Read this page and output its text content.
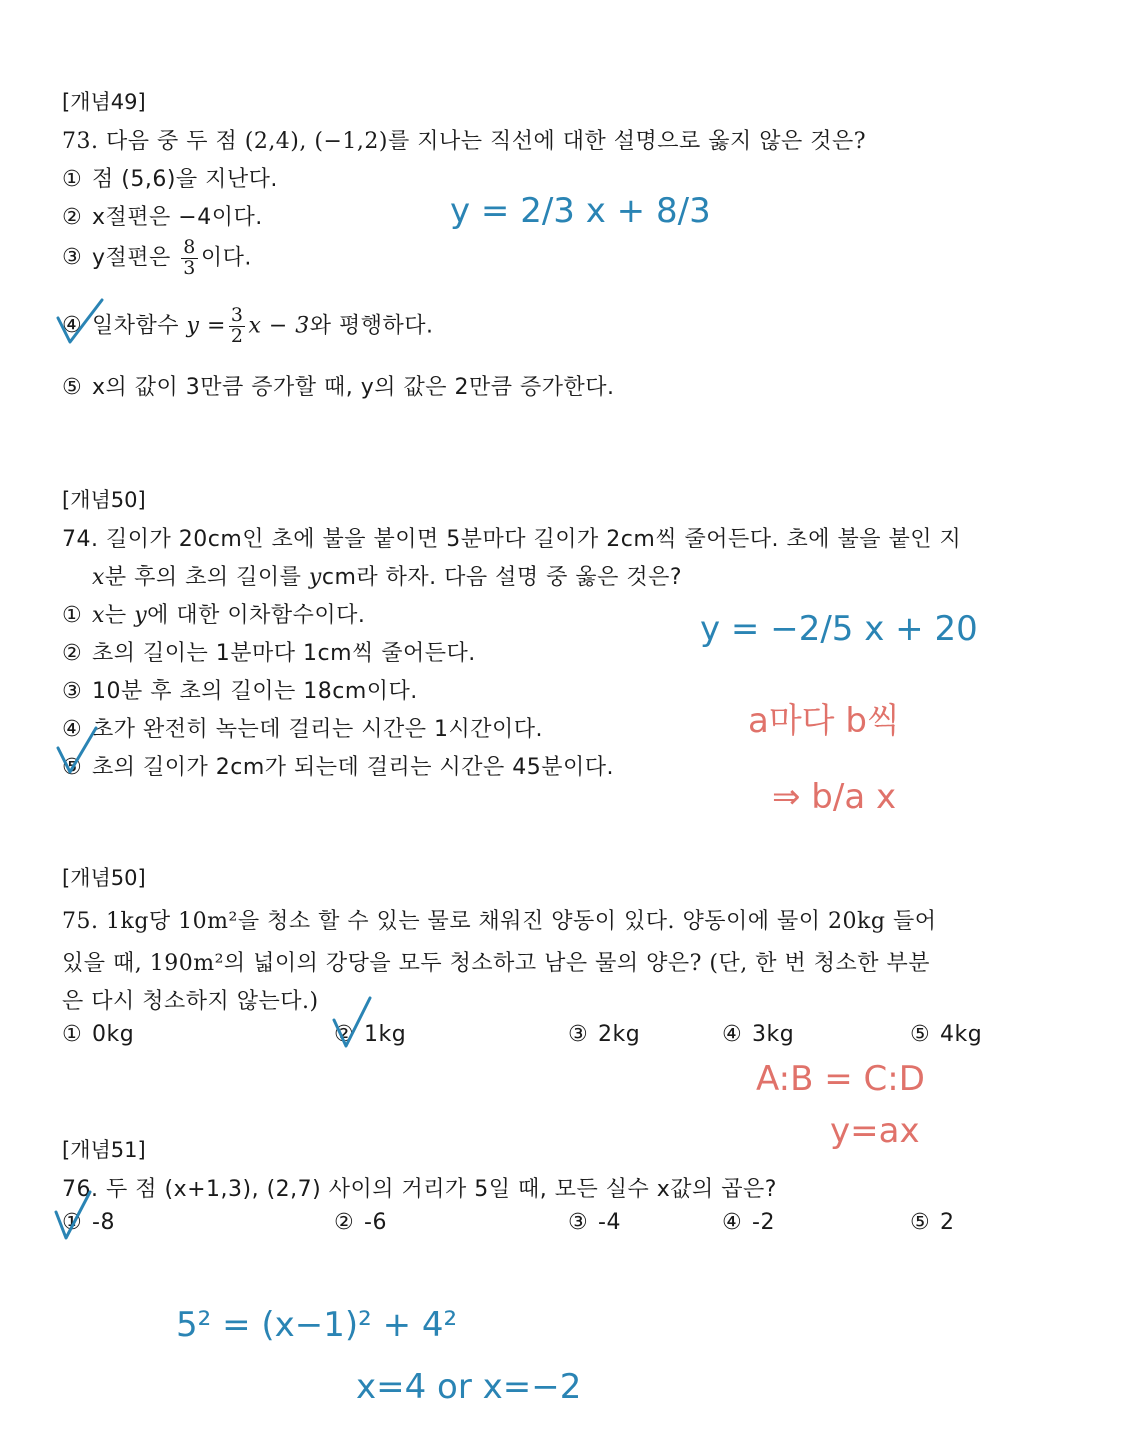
[개념49]
73. 다음 중 두 점 (2,4), (−1,2)를 지나는 직선에 대한 설명으로 옳지 않은 것은?
① 점 (5,6)을 지난다.
② x절편은 −4이다.
③ y절편은 $\frac{8}{3}$ 이다.
④ 일차함수 $y = \frac{3}{2}$ x − 3와 평행하다.
⑤ x의 값이 3만큼 증가할 때, y의 값은 2만큼 증가한다.
[개념50]
74. 길이가 20cm인 초에 불을 붙이면 5분마다 길이가 2cm씩 줄어든다. 초에 불을 붙인 지
x분 후의 초의 길이를 ycm라 하자. 다음 설명 중 옳은 것은?
① x는 y에 대한 이차함수이다.
② 초의 길이는 1분마다 1cm씩 줄어든다.
③ 10분 후 초의 길이는 18cm이다.
④ 초가 완전히 녹는데 걸리는 시간은 1시간이다.
⑤ 초의 길이가 2cm가 되는데 걸리는 시간은 45분이다.
[개념50]
75. 1kg당 10m²을 청소 할 수 있는 물로 채워진 양동이 있다. 양동이에 물이 20kg 들어
있을 때, 190m²의 넓이의 강당을 모두 청소하고 남은 물의 양은? (단, 한 번 청소한 부분
은 다시 청소하지 않는다.)
① 0kg	② 1kg	③ 2kg	④ 3kg	⑤ 4kg
[개념51]
76. 두 점 (x+1,3), (2,7) 사이의 거리가 5일 때, 모든 실수 x값의 곱은?
① -8	② -6	③ -4	④ -2	⑤ 2
y = 2/3 x + 8/3
y = −2/5 x + 20
a마다 b씩
⇒ b/a x
A:B = C:D
y=ax
5² = (x−1)² + 4²
x=4 or x=−2
